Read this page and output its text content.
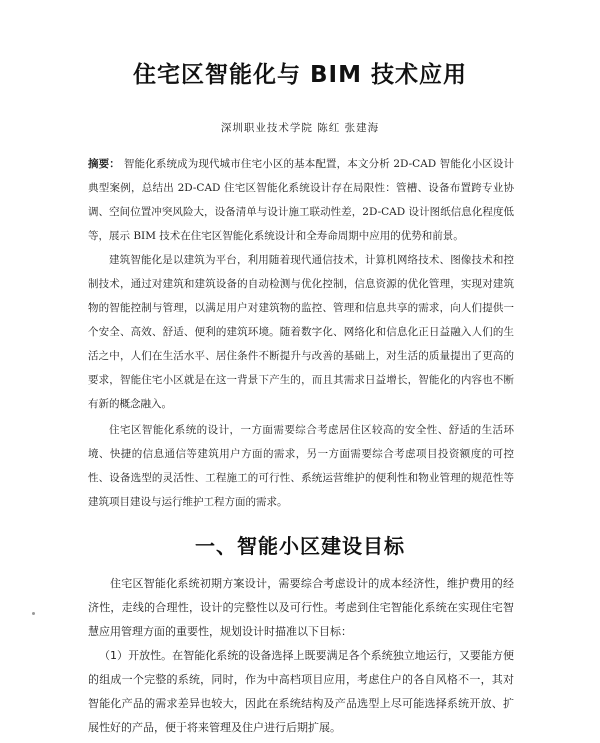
住宅区智能化与 BIM 技术应用
深圳职业技术学院 陈红 张建海
摘要： 智能化系统成为现代城市住宅小区的基本配置，本文分析 2D-CAD 智能化小区设计典型案例，总结出 2D-CAD 住宅区智能化系统设计存在局限性：管槽、设备布置跨专业协调、空间位置冲突风险大，设备清单与设计施工联动性差，2D-CAD 设计图纸信息化程度低等，展示 BIM 技术在住宅区智能化系统设计和全寿命周期中应用的优势和前景。

建筑智能化是以建筑为平台，利用随着现代通信技术，计算机网络技术、图像技术和控制技术，通过对建筑和建筑设备的自动检测与优化控制，信息资源的优化管理，实现对建筑物的智能控制与管理，以满足用户对建筑物的监控、管理和信息共享的需求，向人们提供一个安全、高效、舒适、便利的建筑环境。随着数字化、网络化和信息化正日益融入人们的生活之中，人们在生活水平、居住条件不断提升与改善的基础上，对生活的质量提出了更高的要求，智能住宅小区就是在这一背景下产生的，而且其需求日益增长，智能化的内容也不断有新的概念融入。

住宅区智能化系统的设计，一方面需要综合考虑居住区较高的安全性、舒适的生活环境、快捷的信息通信等建筑用户方面的需求，另一方面需要综合考虑项目投资额度的可控性、设备选型的灵活性、工程施工的可行性、系统运营维护的便利性和物业管理的规范性等建筑项目建设与运行维护工程方面的需求。

一、智能小区建设目标

住宅区智能化系统初期方案设计，需要综合考虑设计的成本经济性，维护费用的经济性，走线的合理性，设计的完整性以及可行性。考虑到住宅智能化系统在实现住宅智慧应用管理方面的重要性，规划设计时描准以下目标：

（1）开放性。在智能化系统的设备选择上既要满足各个系统独立地运行，又要能方便的组成一个完整的系统，同时，作为中高档项目应用，考虑住户的各自风格不一，其对智能化产品的需求差异也较大，因此在系统结构及产品选型上尽可能选择系统开放、扩展性好的产品，便于将来管理及住户进行后期扩展。
